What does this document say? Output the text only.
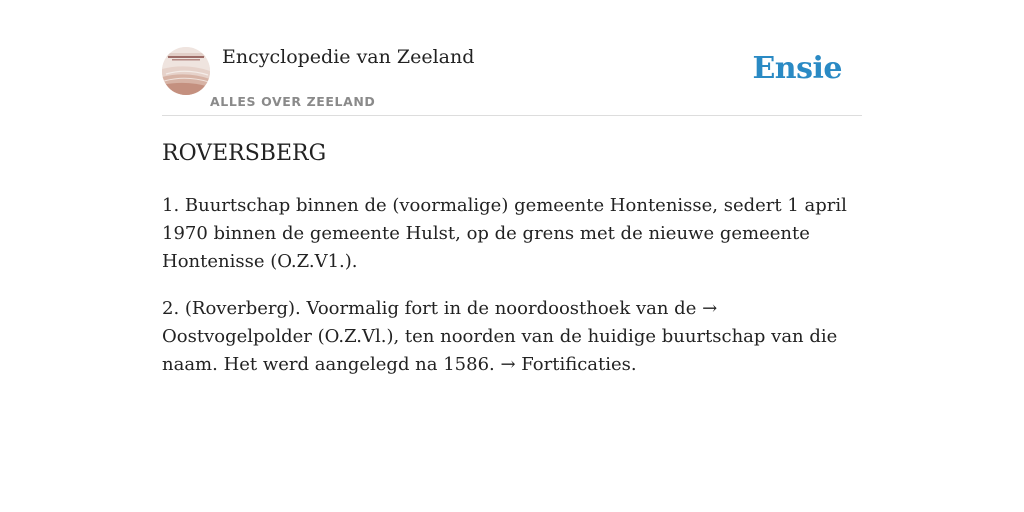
Encyclopedie van Zeeland
ALLES OVER ZEELAND
Ensie
ROVERSBERG

1. Buurtschap binnen de (voormalige) gemeente Hontenisse, sedert 1 april 1970 binnen de gemeente Hulst, op de grens met de nieuwe gemeente Hontenisse (O.Z.V1.).

2. (Roverberg). Voormalig fort in de noordoosthoek van de → Oostvogelpolder (O.Z.Vl.), ten noorden van de huidige buurtschap van die naam. Het werd aangelegd na 1586. → Fortificaties.
